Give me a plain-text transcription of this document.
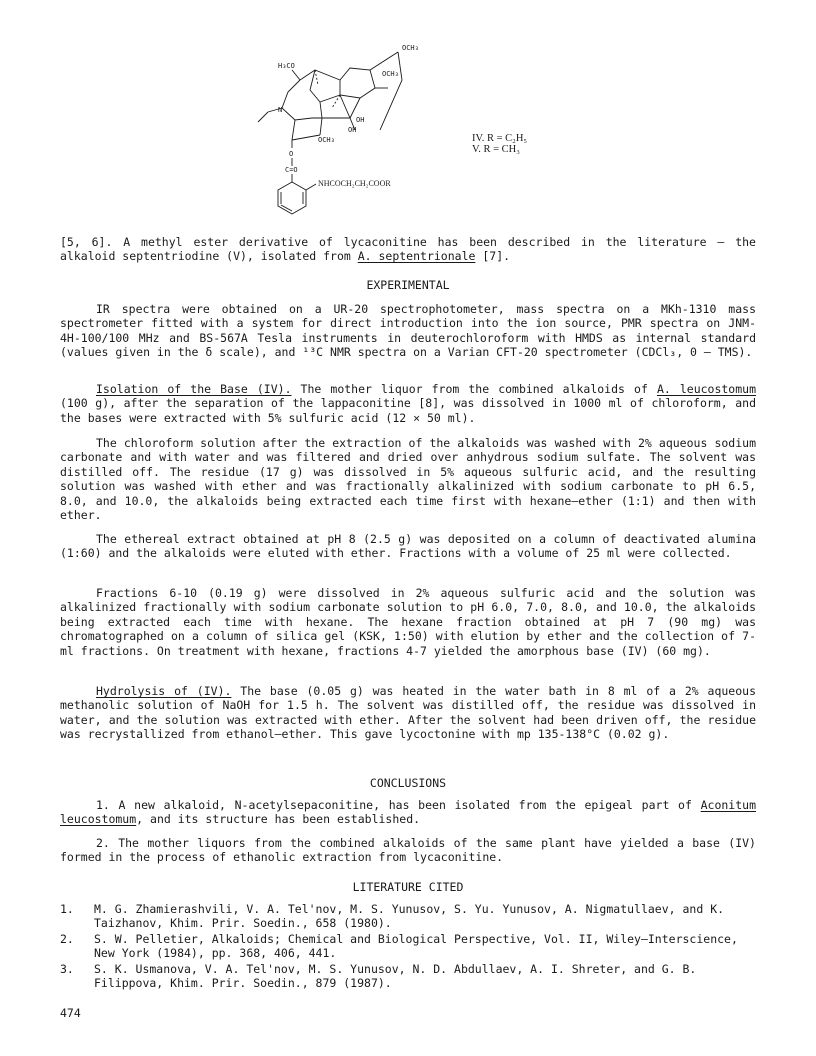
OCH₃
H₃CO
OCH₃
N
OH
OH
OCH₃
O
C=O
NHCOCH₂CH₂COOR
IV. R = C₂H₅
V. R = CH₃

[5, 6]. A methyl ester derivative of lycaconitine has been described in the literature — the alkaloid septentriodine (V), isolated from A. septentrionale [7].

EXPERIMENTAL

IR spectra were obtained on a UR-20 spectrophotometer, mass spectra on a MKh-1310 mass spectrometer fitted with a system for direct introduction into the ion source, PMR spectra on JNM-4H-100/100 MHz and BS-567A Tesla instruments in deuterochloroform with HMDS as internal standard (values given in the δ scale), and ¹³C NMR spectra on a Varian CFT-20 spectrometer (CDCl₃, 0 — TMS).

Isolation of the Base (IV). The mother liquor from the combined alkaloids of A. leucostomum (100 g), after the separation of the lappaconitine [8], was dissolved in 1000 ml of chloroform, and the bases were extracted with 5% sulfuric acid (12 × 50 ml).

The chloroform solution after the extraction of the alkaloids was washed with 2% aqueous sodium carbonate and with water and was filtered and dried over anhydrous sodium sulfate. The solvent was distilled off. The residue (17 g) was dissolved in 5% aqueous sulfuric acid, and the resulting solution was washed with ether and was fractionally alkalinized with sodium carbonate to pH 6.5, 8.0, and 10.0, the alkaloids being extracted each time first with hexane—ether (1:1) and then with ether.

The ethereal extract obtained at pH 8 (2.5 g) was deposited on a column of deactivated alumina (1:60) and the alkaloids were eluted with ether. Fractions with a volume of 25 ml were collected.

Fractions 6-10 (0.19 g) were dissolved in 2% aqueous sulfuric acid and the solution was alkalinized fractionally with sodium carbonate solution to pH 6.0, 7.0, 8.0, and 10.0, the alkaloids being extracted each time with hexane. The hexane fraction obtained at pH 7 (90 mg) was chromatographed on a column of silica gel (KSK, 1:50) with elution by ether and the collection of 7-ml fractions. On treatment with hexane, fractions 4-7 yielded the amorphous base (IV) (60 mg).

Hydrolysis of (IV). The base (0.05 g) was heated in the water bath in 8 ml of a 2% aqueous methanolic solution of NaOH for 1.5 h. The solvent was distilled off, the residue was dissolved in water, and the solution was extracted with ether. After the solvent had been driven off, the residue was recrystallized from ethanol—ether. This gave lycoctonine with mp 135-138°C (0.02 g).

CONCLUSIONS

1. A new alkaloid, N-acetylsepaconitine, has been isolated from the epigeal part of Aconitum leucostomum, and its structure has been established.

2. The mother liquors from the combined alkaloids of the same plant have yielded a base (IV) formed in the process of ethanolic extraction from lycaconitine.

LITERATURE CITED
1.	M. G. Zhamierashvili, V. A. Tel'nov, M. S. Yunusov, S. Yu. Yunusov, A. Nigmatullaev, and K. Taizhanov, Khim. Prir. Soedin., 658 (1980).
2.	S. W. Pelletier, Alkaloids; Chemical and Biological Perspective, Vol. II, Wiley—Interscience, New York (1984), pp. 368, 406, 441.
3.	S. K. Usmanova, V. A. Tel'nov, M. S. Yunusov, N. D. Abdullaev, A. I. Shreter, and G. B. Filippova, Khim. Prir. Soedin., 879 (1987).
474
